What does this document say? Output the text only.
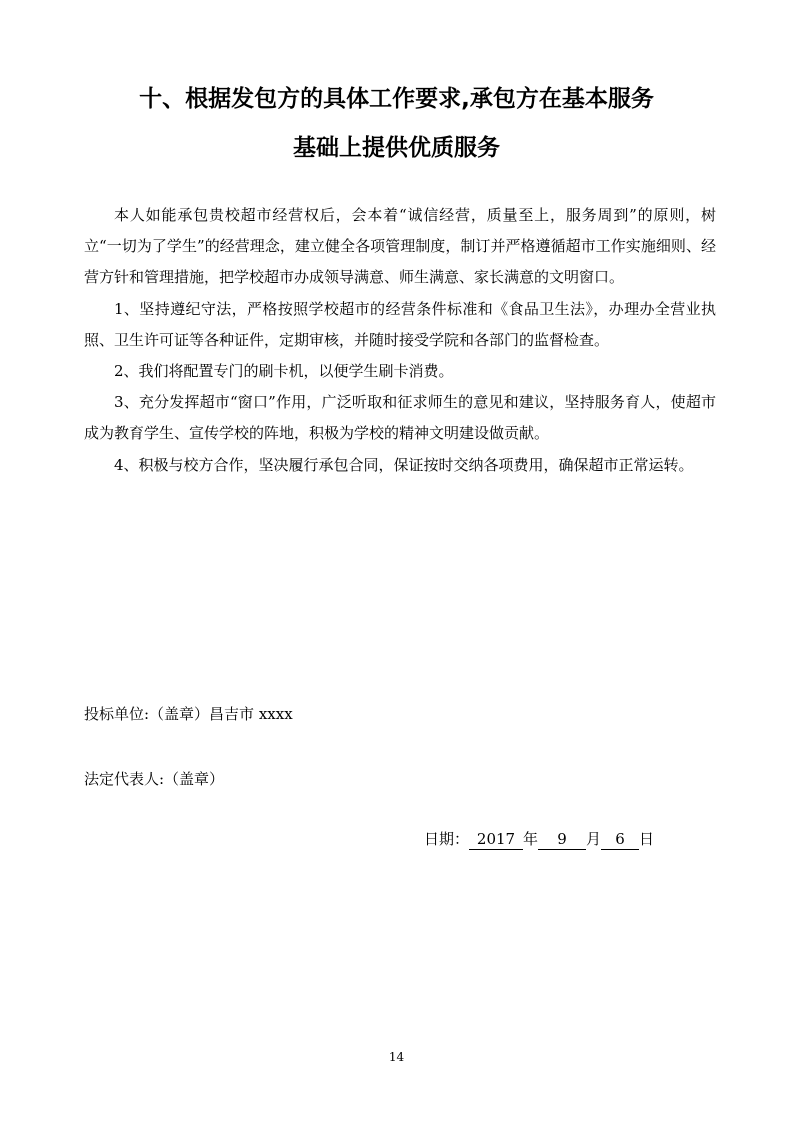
十、根据发包方的具体工作要求,承包方在基本服务
基础上提供优质服务

本人如能承包贵校超市经营权后，会本着“诚信经营，质量至上，服务周到”的原则，树立“一切为了学生”的经营理念，建立健全各项管理制度，制订并严格遵循超市工作实施细则、经营方针和管理措施，把学校超市办成领导满意、师生满意、家长满意的文明窗口。

1、坚持遵纪守法，严格按照学校超市的经营条件标准和《食品卫生法》，办理办全营业执照、卫生许可证等各种证件，定期审核，并随时接受学院和各部门的监督检查。

2、我们将配置专门的刷卡机，以便学生刷卡消费。

3、充分发挥超市“窗口”作用，广泛听取和征求师生的意见和建议，坚持服务育人，使超市成为教育学生、宣传学校的阵地，积极为学校的精神文明建设做贡献。

4、积极与校方合作，坚决履行承包合同，保证按时交纳各项费用，确保超市正常运转。

投标单位:（盖章）昌吉市 xxxx

法定代表人:（盖章）

日期： 2017 年 9 月 6 日
14
